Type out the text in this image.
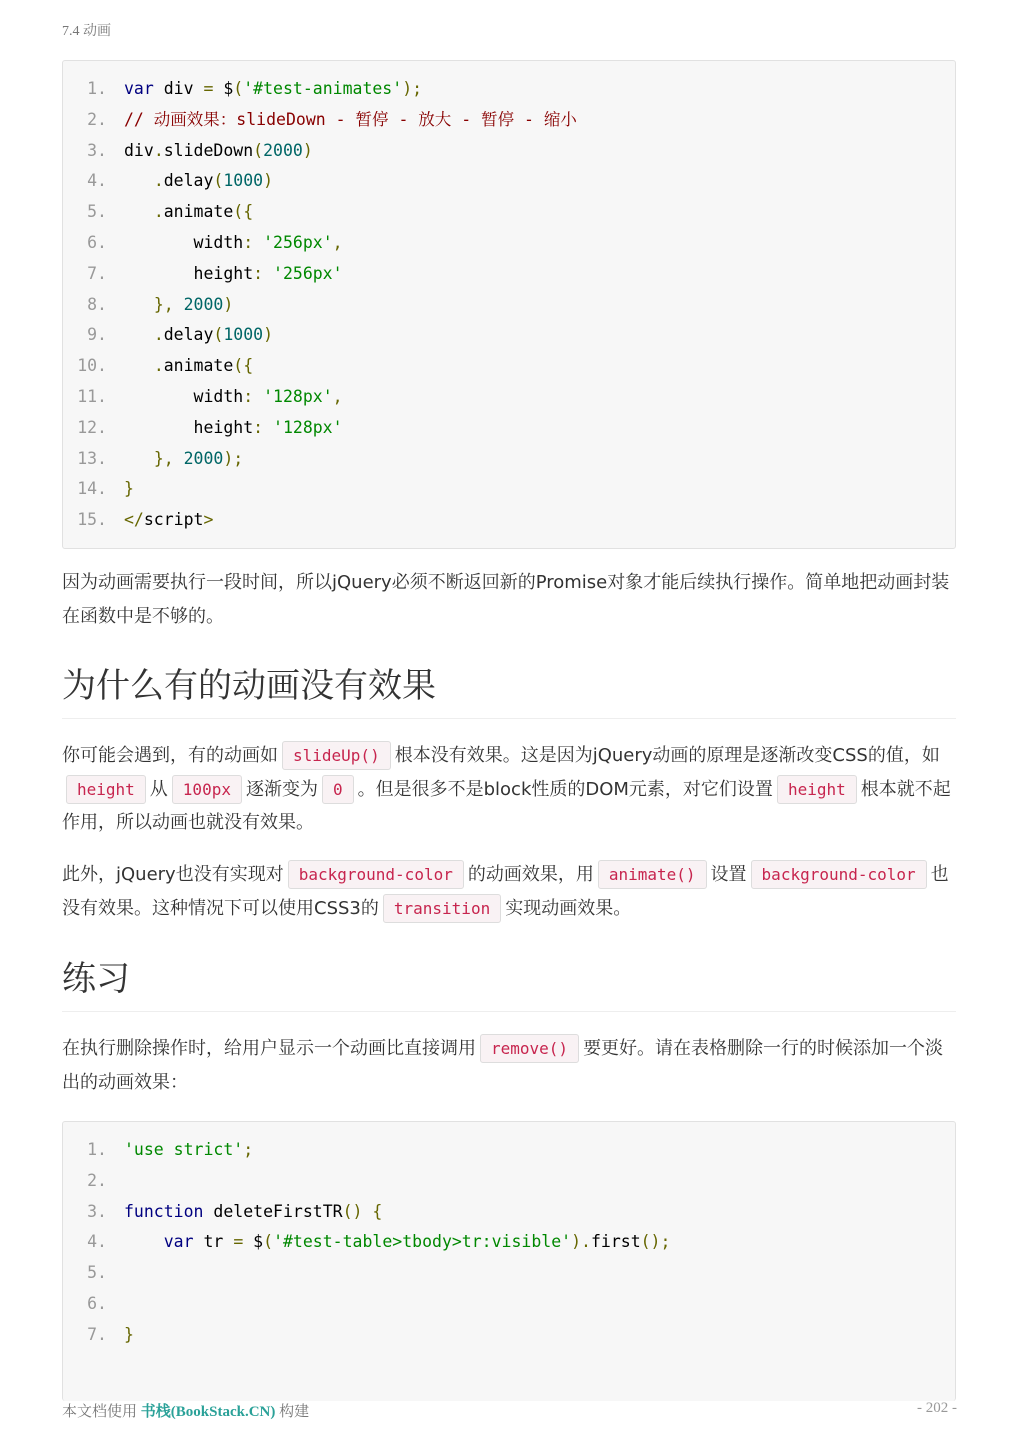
7.4 动画
1.	var div = $('#test-animates');
2.	// 动画效果：slideDown - 暂停 - 放大 - 暂停 - 缩小
3.	div.slideDown(2000)
4.	.delay(1000)
5.	.animate({
6.	width: '256px',
7.	height: '256px'
8.	}, 2000)
9.	.delay(1000)
10.	.animate({
11.	width: '128px',
12.	height: '128px'
13.	}, 2000);
14.	}
15.	</script>
因为动画需要执行一段时间，所以jQuery必须不断返回新的Promise对象才能后续执行操作。简单地把动画封装在函数中是不够的。
为什么有的动画没有效果
你可能会遇到，有的动画如 slideUp() 根本没有效果。这是因为jQuery动画的原理是逐渐改变CSS的值，如height 从 100px 逐渐变为 0 。但是很多不是block性质的DOM元素，对它们设置 height 根本就不起作用，所以动画也就没有效果。
此外，jQuery也没有实现对 background-color 的动画效果，用 animate() 设置 background-color 也没有效果。这种情况下可以使用CSS3的 transition 实现动画效果。
练习
在执行删除操作时，给用户显示一个动画比直接调用 remove() 要更好。请在表格删除一行的时候添加一个淡出的动画效果：
1.	'use strict';
2.
3.	function deleteFirstTR() {
4.	var tr = $('#test-table>tbody>tr:visible').first();
5.
6.
7.	}
本文档使用 书栈(BookStack.CN) 构建	- 202 -
